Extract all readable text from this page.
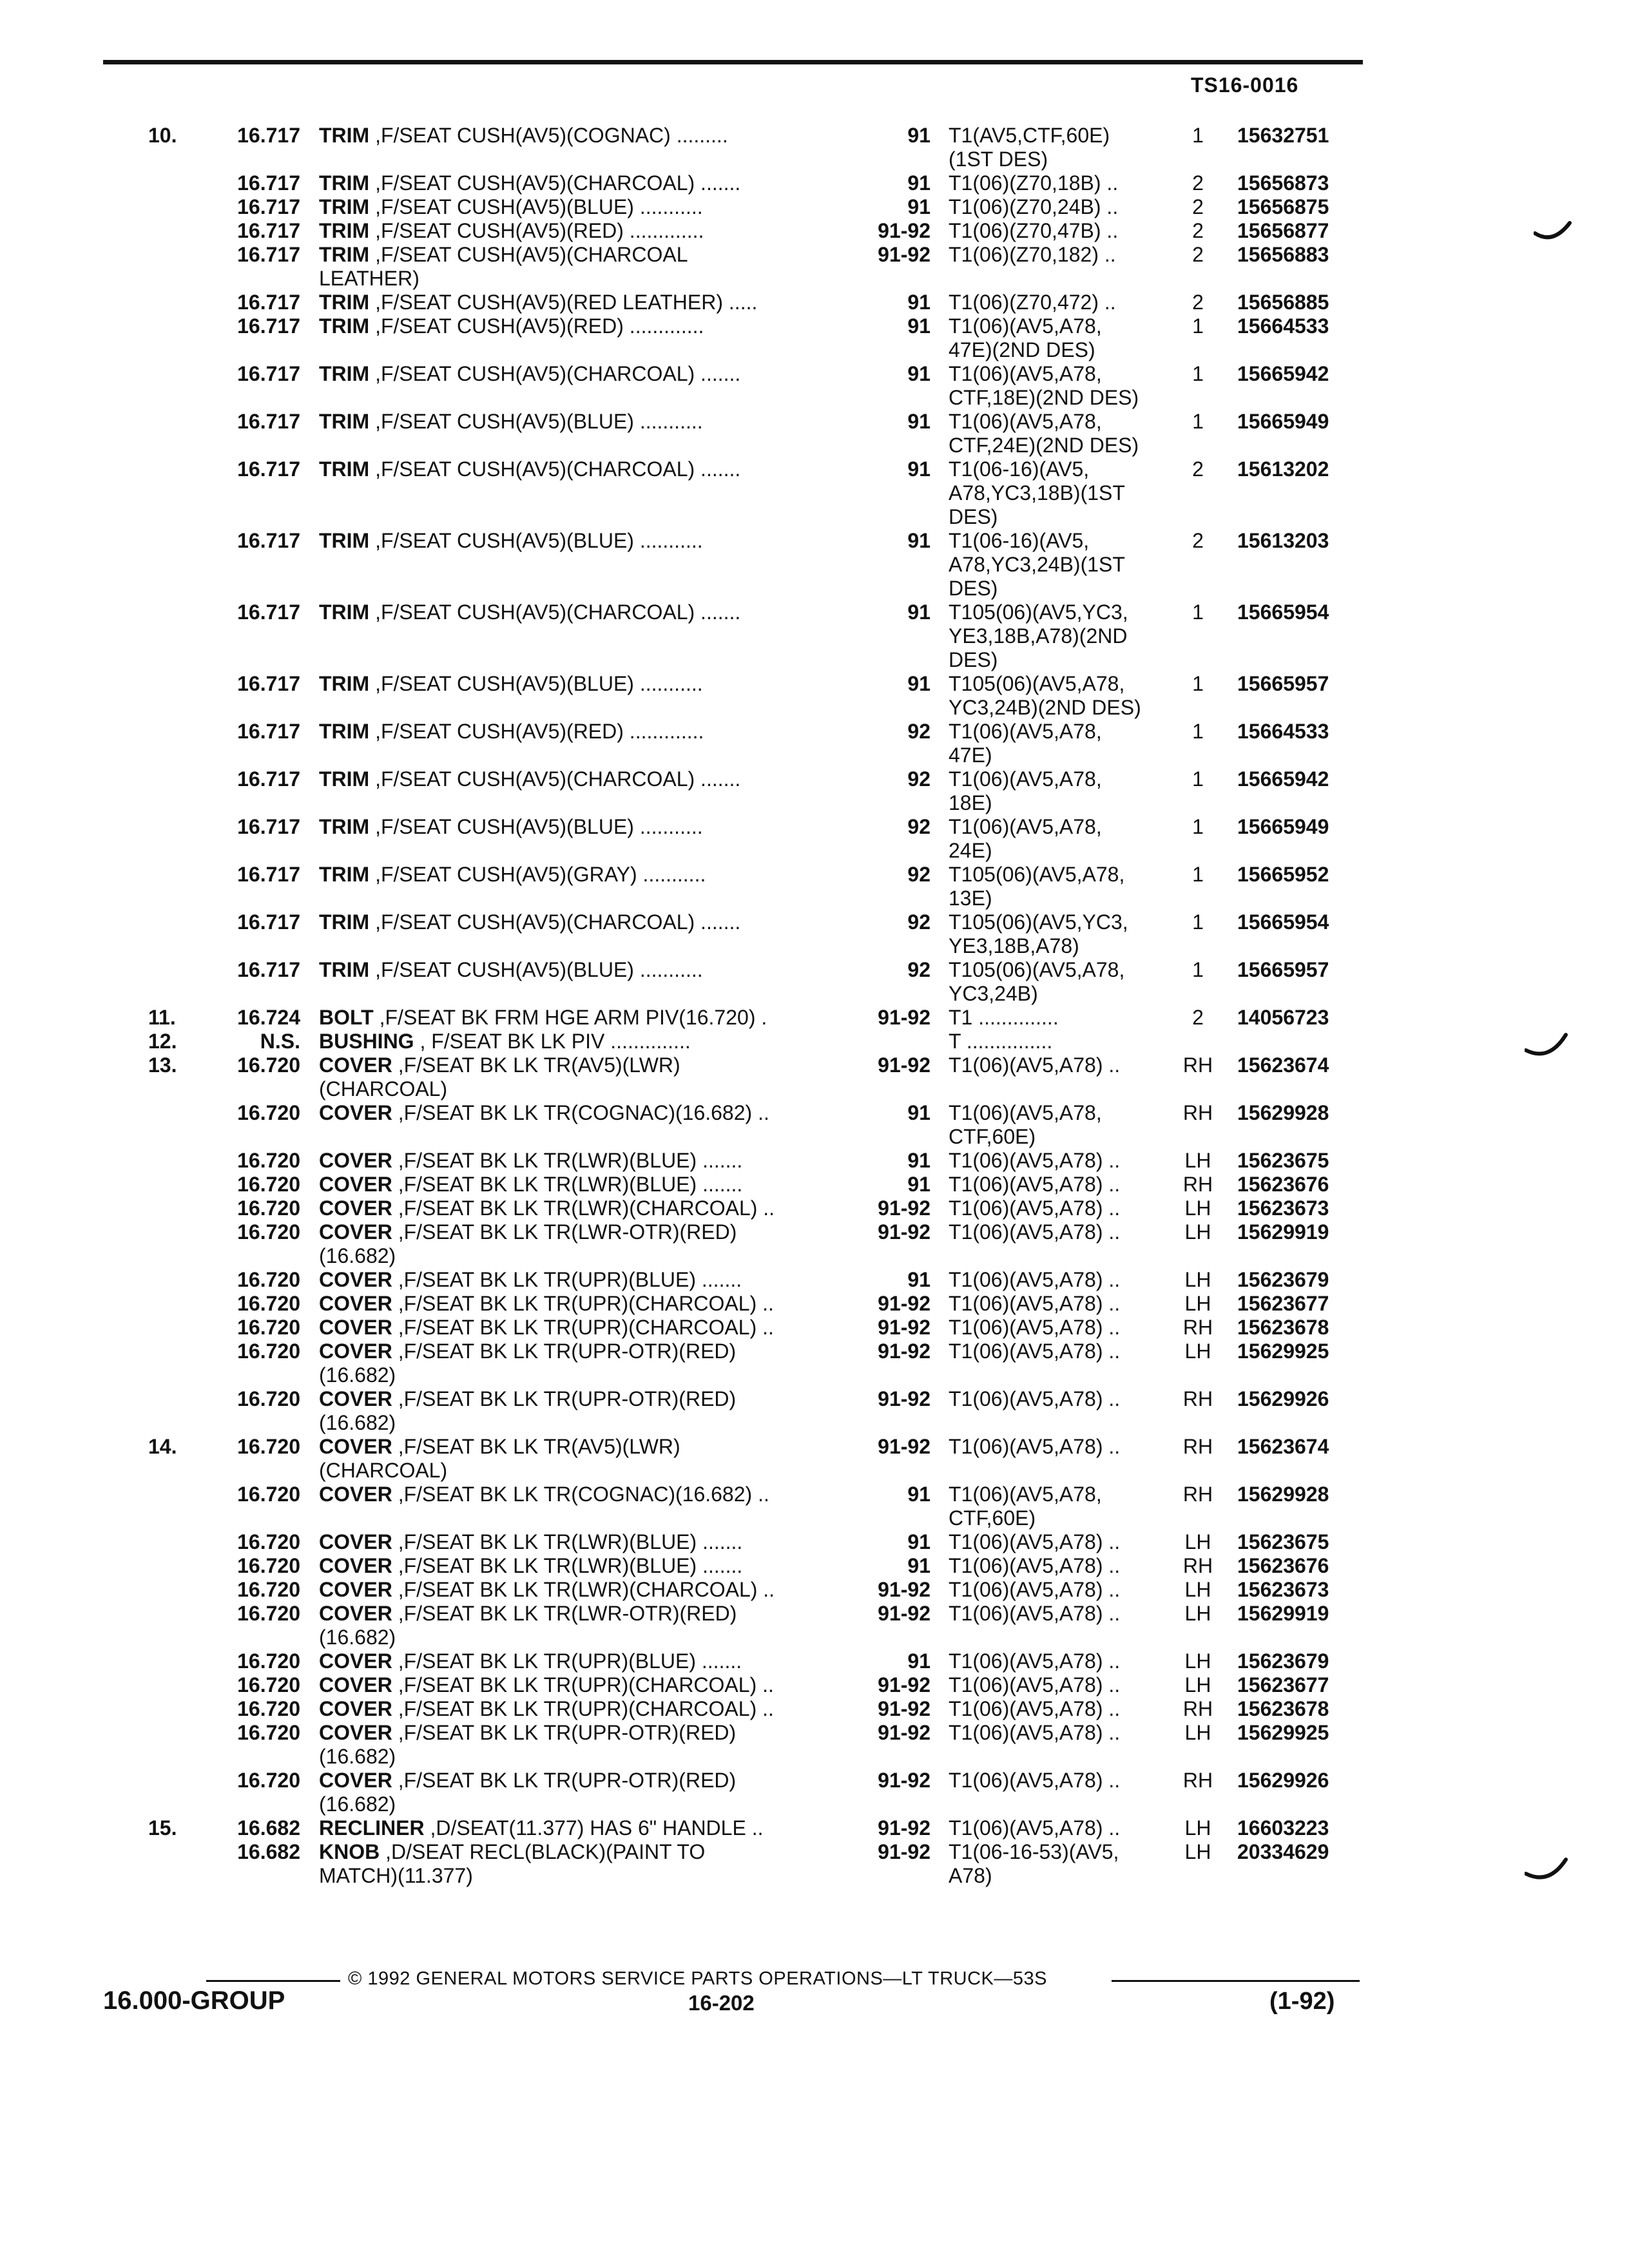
TS16-0016
10.	16.717 TRIM ,F/SEAT CUSH(AV5)(COGNAC) .........	91 T1(AV5,CTF,60E)	1	15632751
(1ST DES)
16.717 TRIM ,F/SEAT CUSH(AV5)(CHARCOAL) .......	91 T1(06)(Z70,18B) ..	2	15656873
16.717 TRIM ,F/SEAT CUSH(AV5)(BLUE) ...........	91 T1(06)(Z70,24B) ..	2	15656875
16.717 TRIM ,F/SEAT CUSH(AV5)(RED) .............	91-92 T1(06)(Z70,47B) ..	2	15656877
16.717 TRIM ,F/SEAT CUSH(AV5)(CHARCOAL	91-92 T1(06)(Z70,182) ..	2	15656883
LEATHER)
16.717 TRIM ,F/SEAT CUSH(AV5)(RED LEATHER) .....	91 T1(06)(Z70,472) ..	2	15656885
16.717 TRIM ,F/SEAT CUSH(AV5)(RED) .............	91 T1(06)(AV5,A78,	1	15664533
47E)(2ND DES)
16.717 TRIM ,F/SEAT CUSH(AV5)(CHARCOAL) .......	91 T1(06)(AV5,A78,	1	15665942
CTF,18E)(2ND DES)
16.717 TRIM ,F/SEAT CUSH(AV5)(BLUE) ...........	91 T1(06)(AV5,A78,	1	15665949
CTF,24E)(2ND DES)
16.717 TRIM ,F/SEAT CUSH(AV5)(CHARCOAL) .......	91 T1(06-16)(AV5,	2	15613202
A78,YC3,18B)(1ST
DES)
16.717 TRIM ,F/SEAT CUSH(AV5)(BLUE) ...........	91 T1(06-16)(AV5,	2	15613203
A78,YC3,24B)(1ST
DES)
16.717 TRIM ,F/SEAT CUSH(AV5)(CHARCOAL) .......	91 T105(06)(AV5,YC3,	1	15665954
YE3,18B,A78)(2ND
DES)
16.717 TRIM ,F/SEAT CUSH(AV5)(BLUE) ...........	91 T105(06)(AV5,A78,	1	15665957
YC3,24B)(2ND DES)
16.717 TRIM ,F/SEAT CUSH(AV5)(RED) .............	92 T1(06)(AV5,A78,	1	15664533
47E)
16.717 TRIM ,F/SEAT CUSH(AV5)(CHARCOAL) .......	92 T1(06)(AV5,A78,	1	15665942
18E)
16.717 TRIM ,F/SEAT CUSH(AV5)(BLUE) ...........	92 T1(06)(AV5,A78,	1	15665949
24E)
16.717 TRIM ,F/SEAT CUSH(AV5)(GRAY) ...........	92 T105(06)(AV5,A78,	1	15665952
13E)
16.717 TRIM ,F/SEAT CUSH(AV5)(CHARCOAL) .......	92 T105(06)(AV5,YC3,	1	15665954
YE3,18B,A78)
16.717 TRIM ,F/SEAT CUSH(AV5)(BLUE) ...........	92 T105(06)(AV5,A78,	1	15665957
YC3,24B)
11.	16.724 BOLT ,F/SEAT BK FRM HGE ARM PIV(16.720) .	91-92 T1 ..............	2	14056723
12.	N.S. BUSHING , F/SEAT BK LK PIV ..............	T ...............
13.	16.720 COVER ,F/SEAT BK LK TR(AV5)(LWR)	91-92 T1(06)(AV5,A78) ..	RH	15623674
(CHARCOAL)
16.720 COVER ,F/SEAT BK LK TR(COGNAC)(16.682) ..	91 T1(06)(AV5,A78,	RH	15629928
CTF,60E)
16.720 COVER ,F/SEAT BK LK TR(LWR)(BLUE) .......	91 T1(06)(AV5,A78) ..	LH	15623675
16.720 COVER ,F/SEAT BK LK TR(LWR)(BLUE) .......	91 T1(06)(AV5,A78) ..	RH	15623676
16.720 COVER ,F/SEAT BK LK TR(LWR)(CHARCOAL) ..	91-92 T1(06)(AV5,A78) ..	LH	15623673
16.720 COVER ,F/SEAT BK LK TR(LWR-OTR)(RED)	91-92 T1(06)(AV5,A78) ..	LH	15629919
(16.682)
16.720 COVER ,F/SEAT BK LK TR(UPR)(BLUE) .......	91 T1(06)(AV5,A78) ..	LH	15623679
16.720 COVER ,F/SEAT BK LK TR(UPR)(CHARCOAL) ..	91-92 T1(06)(AV5,A78) ..	LH	15623677
16.720 COVER ,F/SEAT BK LK TR(UPR)(CHARCOAL) ..	91-92 T1(06)(AV5,A78) ..	RH	15623678
16.720 COVER ,F/SEAT BK LK TR(UPR-OTR)(RED)	91-92 T1(06)(AV5,A78) ..	LH	15629925
(16.682)
16.720 COVER ,F/SEAT BK LK TR(UPR-OTR)(RED)	91-92 T1(06)(AV5,A78) ..	RH	15629926
(16.682)
14.	16.720 COVER ,F/SEAT BK LK TR(AV5)(LWR)	91-92 T1(06)(AV5,A78) ..	RH	15623674
(CHARCOAL)
16.720 COVER ,F/SEAT BK LK TR(COGNAC)(16.682) ..	91 T1(06)(AV5,A78,	RH	15629928
CTF,60E)
16.720 COVER ,F/SEAT BK LK TR(LWR)(BLUE) .......	91 T1(06)(AV5,A78) ..	LH	15623675
16.720 COVER ,F/SEAT BK LK TR(LWR)(BLUE) .......	91 T1(06)(AV5,A78) ..	RH	15623676
16.720 COVER ,F/SEAT BK LK TR(LWR)(CHARCOAL) ..	91-92 T1(06)(AV5,A78) ..	LH	15623673
16.720 COVER ,F/SEAT BK LK TR(LWR-OTR)(RED)	91-92 T1(06)(AV5,A78) ..	LH	15629919
(16.682)
16.720 COVER ,F/SEAT BK LK TR(UPR)(BLUE) .......	91 T1(06)(AV5,A78) ..	LH	15623679
16.720 COVER ,F/SEAT BK LK TR(UPR)(CHARCOAL) ..	91-92 T1(06)(AV5,A78) ..	LH	15623677
16.720 COVER ,F/SEAT BK LK TR(UPR)(CHARCOAL) ..	91-92 T1(06)(AV5,A78) ..	RH	15623678
16.720 COVER ,F/SEAT BK LK TR(UPR-OTR)(RED)	91-92 T1(06)(AV5,A78) ..	LH	15629925
(16.682)
16.720 COVER ,F/SEAT BK LK TR(UPR-OTR)(RED)	91-92 T1(06)(AV5,A78) ..	RH	15629926
(16.682)
15.	16.682 RECLINER ,D/SEAT(11.377) HAS 6" HANDLE ..	91-92 T1(06)(AV5,A78) ..	LH	16603223
16.682 KNOB ,D/SEAT RECL(BLACK)(PAINT TO	91-92 T1(06-16-53)(AV5,	LH	20334629
MATCH)(11.377)	A78)
© 1992 GENERAL MOTORS SERVICE PARTS OPERATIONS—LT TRUCK—53S
16.000-GROUP	16-202	(1-92)
